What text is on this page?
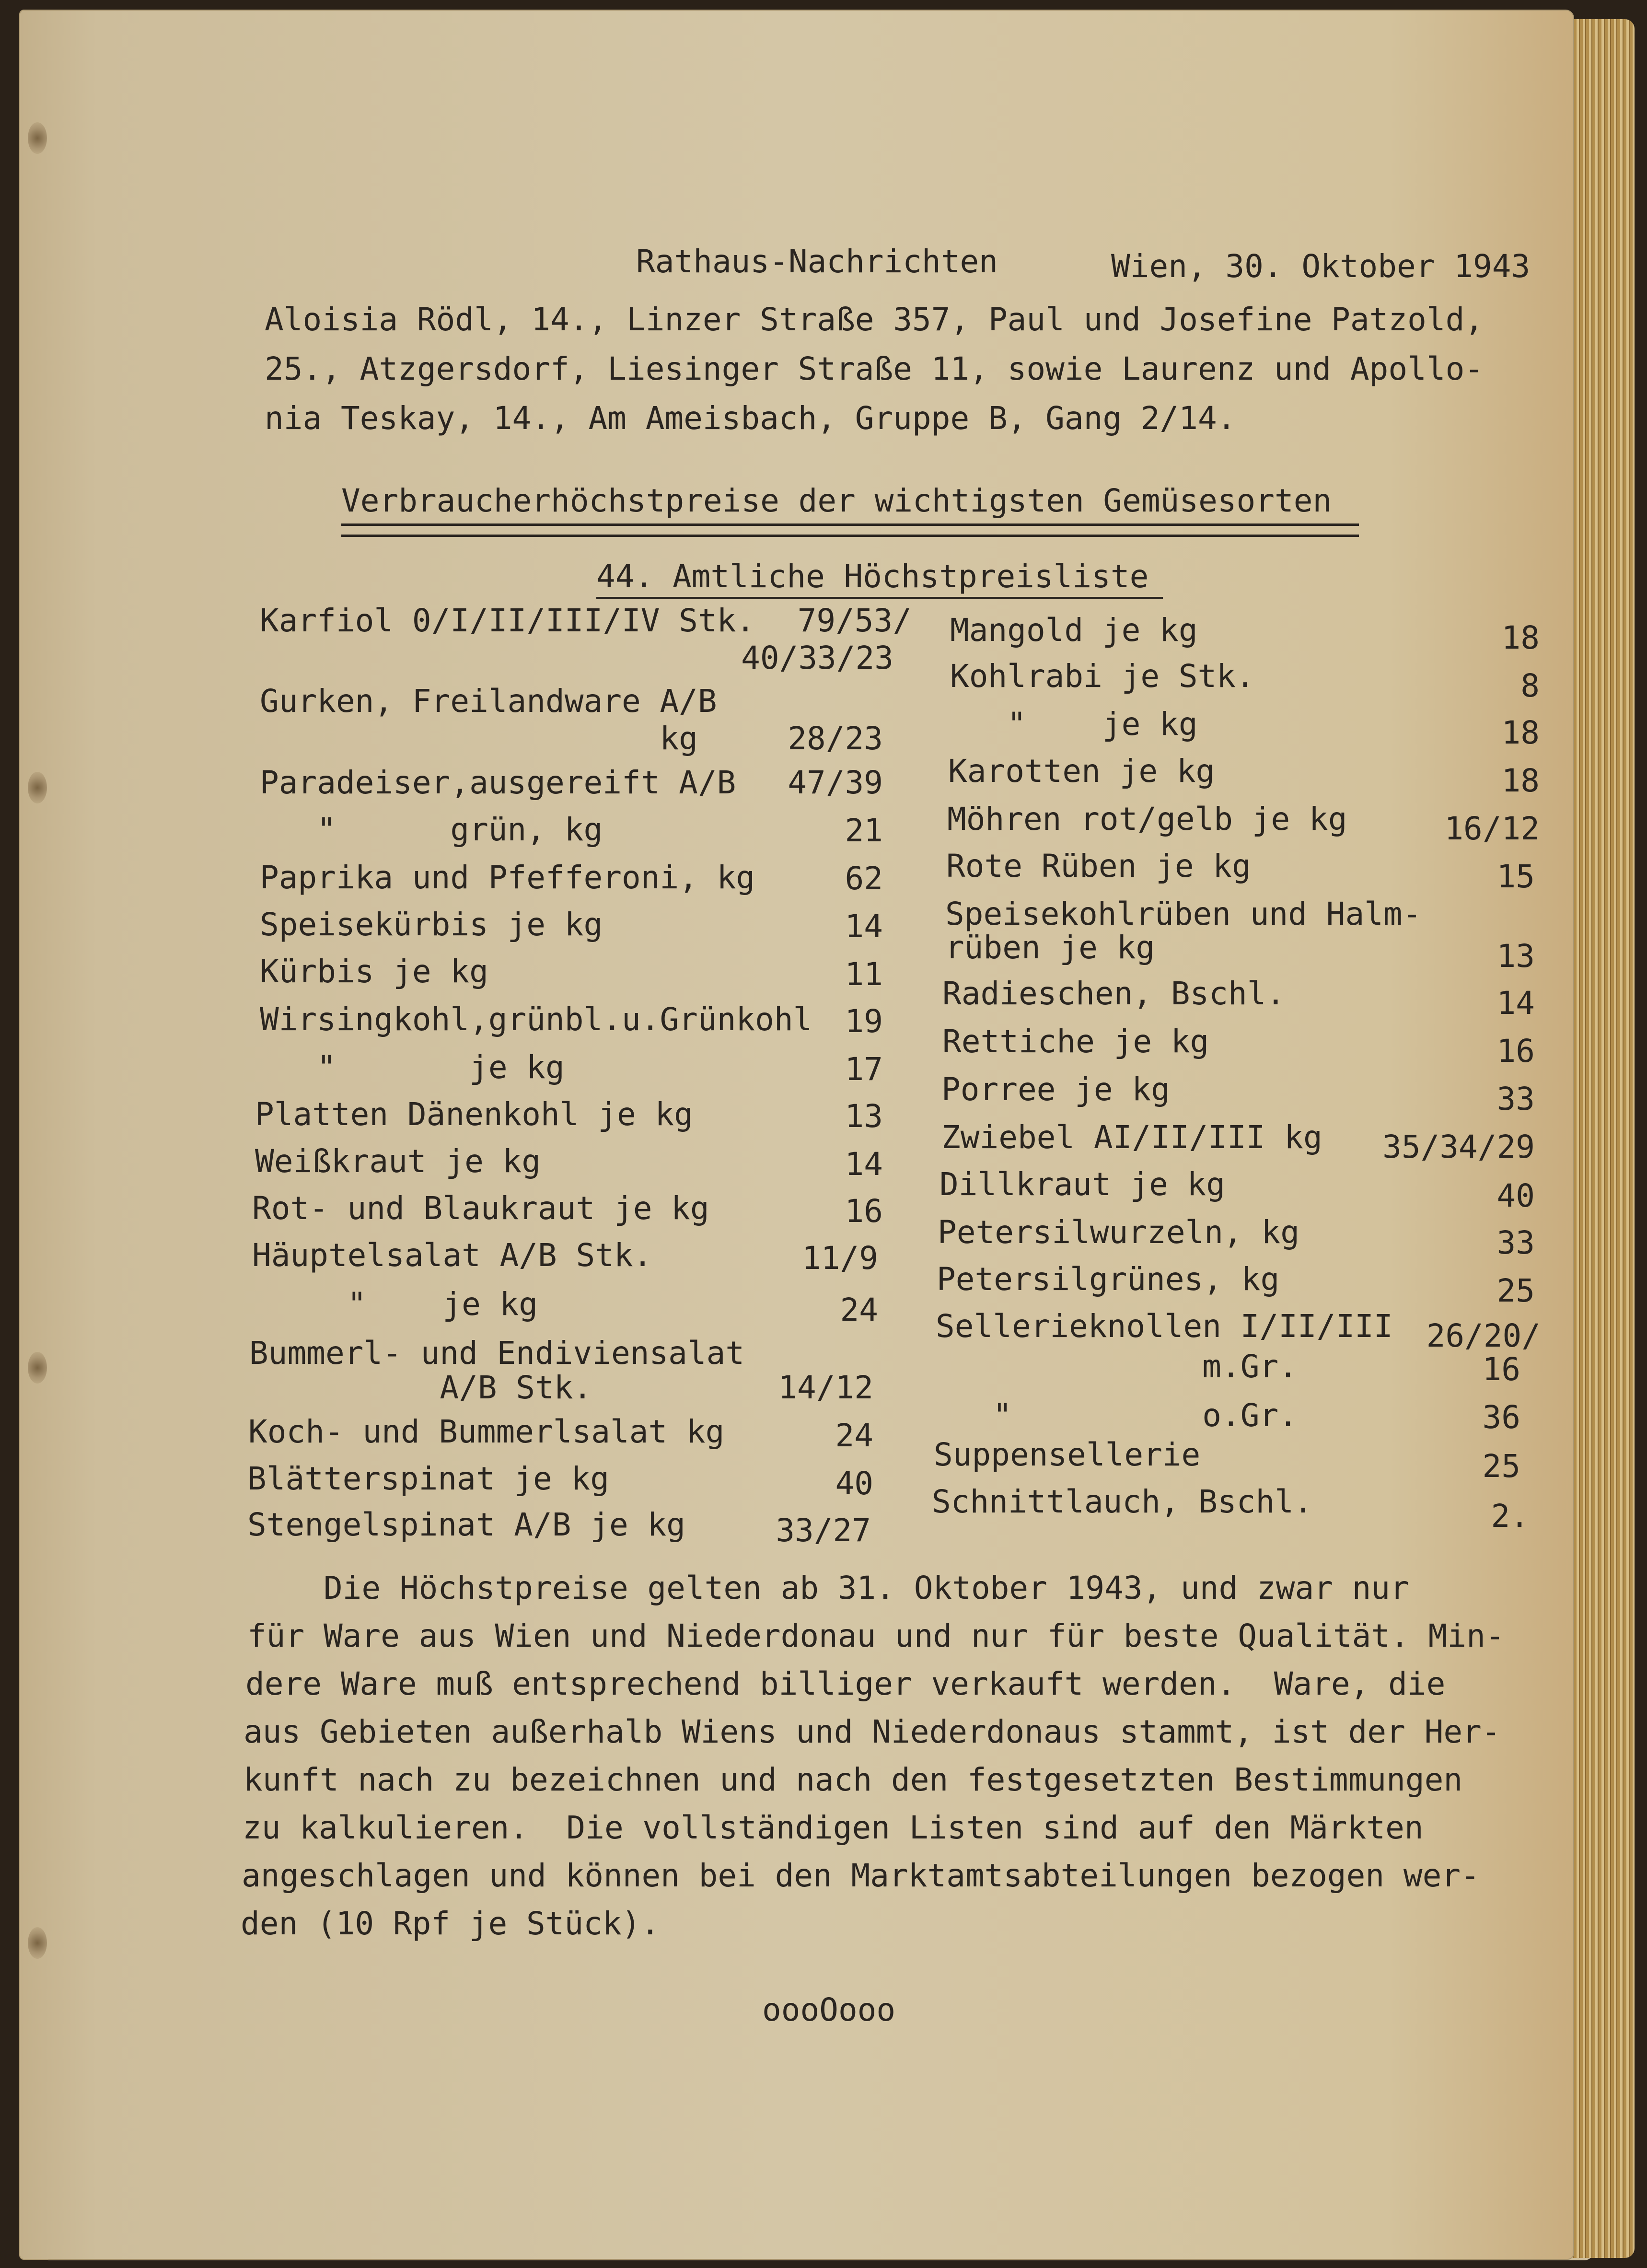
Rathaus-Nachrichten	Wien, 30. Oktober 1943
Aloisia Rödl, 14., Linzer Straße 357, Paul und Josefine Patzold,
25., Atzgersdorf, Liesinger Straße 11, sowie Laurenz und Apollo-
nia Teskay, 14., Am Ameisbach, Gruppe B, Gang 2/14.
Verbraucherhöchstpreise der wichtigsten Gemüsesorten
44. Amtliche Höchstpreisliste
Karfiol 0/I/II/III/IV Stk.	79/53/
40/33/23
Gurken, Freilandware A/B
kg	28/23
Paradeiser,ausgereift A/B	47/39
"      grün, kg	21
Paprika und Pfefferoni, kg	62
Speisekürbis je kg	14
Kürbis je kg	11
Wirsingkohl,grünbl.u.Grünkohl	19
"       je kg	17
Platten Dänenkohl je kg	13
Weißkraut je kg	14
Rot- und Blaukraut je kg	16
Häuptelsalat A/B Stk.	11/9
"    je kg	24
Bummerl- und Endiviensalat
A/B Stk.	14/12
Koch- und Bummerlsalat kg	24
Blätterspinat je kg	40
Stengelspinat A/B je kg	33/27
Mangold je kg	18
Kohlrabi je Stk.	8
"    je kg	18
Karotten je kg	18
Möhren rot/gelb je kg	16/12
Rote Rüben je kg	15
Speisekohlrüben und Halm-
rüben je kg	13
Radieschen, Bschl.	14
Rettiche je kg	16
Porree je kg	33
Zwiebel AI/II/III kg	35/34/29
Dillkraut je kg	40
Petersilwurzeln, kg	33
Petersilgrünes, kg	25
Sellerieknollen I/II/III	26/20/
m.Gr.	16
"          o.Gr.	36
Suppensellerie	25
Schnittlauch, Bschl.	2.
Die Höchstpreise gelten ab 31. Oktober 1943, und zwar nur
für Ware aus Wien und Niederdonau und nur für beste Qualität. Min-
dere Ware muß entsprechend billiger verkauft werden.  Ware, die
aus Gebieten außerhalb Wiens und Niederdonaus stammt, ist der Her-
kunft nach zu bezeichnen und nach den festgesetzten Bestimmungen
zu kalkulieren.  Die vollständigen Listen sind auf den Märkten
angeschlagen und können bei den Marktamtsabteilungen bezogen wer-
den (10 Rpf je Stück).
oooOooo
